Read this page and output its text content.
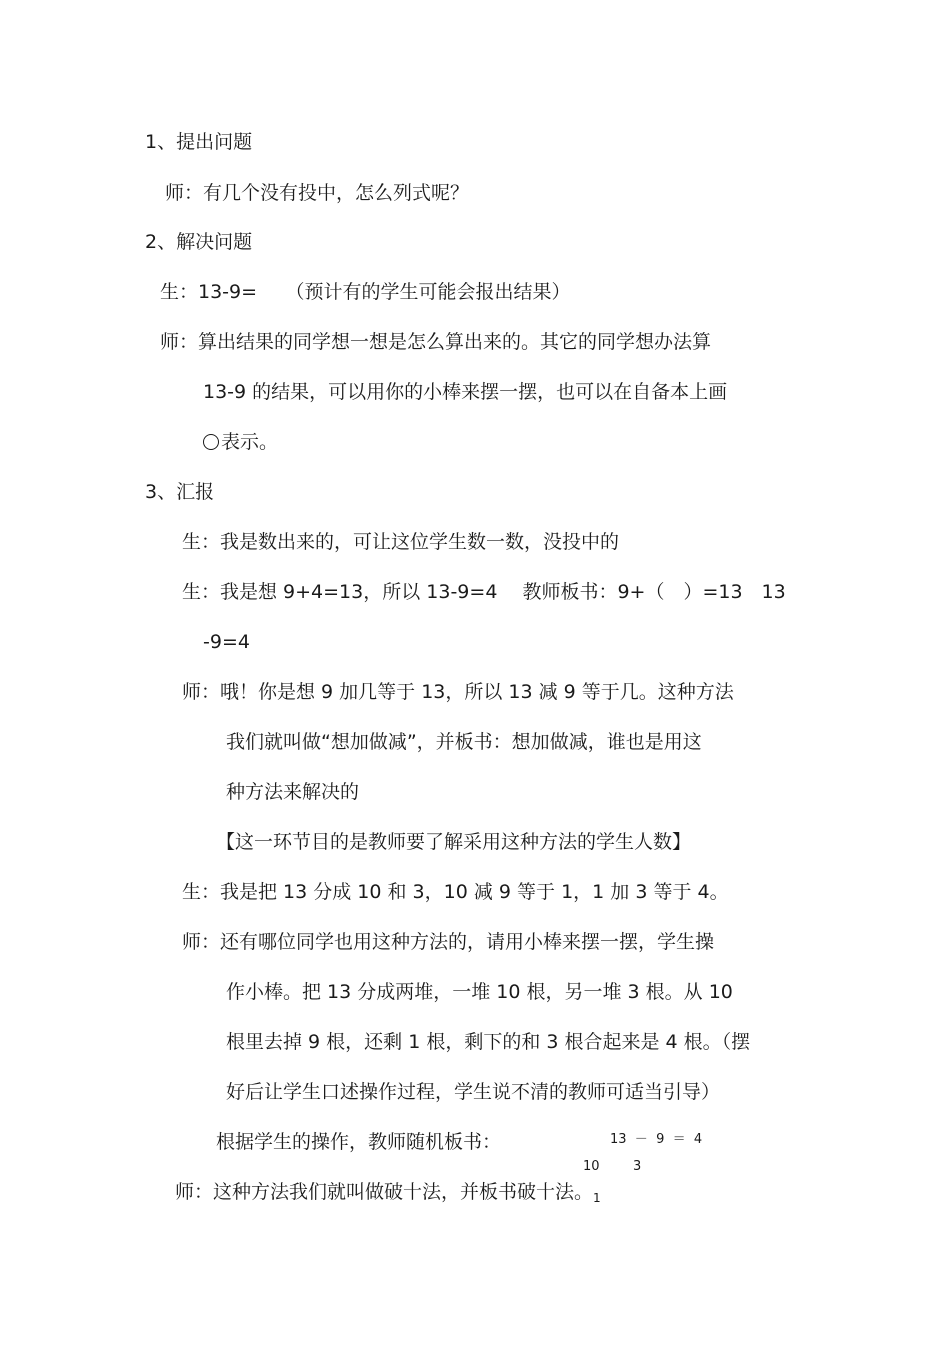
1、提出问题
师：有几个没有投中，怎么列式呢？
2、解决问题
生：13-9=　　（预计有的学生可能会报出结果）
师：算出结果的同学想一想是怎么算出来的。其它的同学想办法算
13-9 的结果，可以用你的小棒来摆一摆，也可以在自备本上画
表示。
3、汇报
生：我是数出来的，可让这位学生数一数，没投中的
生：我是想 9+4=13，所以 13-9=4　 教师板书：9+（　）=13　13
-9=4
师：哦！你是想 9 加几等于 13，所以 13 减 9 等于几。这种方法
我们就叫做“想加做减”，并板书：想加做减，谁也是用这
种方法来解决的
【这一环节目的是教师要了解采用这种方法的学生人数】
生：我是把 13 分成 10 和 3，10 减 9 等于 1，1 加 3 等于 4。
师：还有哪位同学也用这种方法的，请用小棒来摆一摆，学生操
作小棒。把 13 分成两堆，一堆 10 根，另一堆 3 根。从 10
根里去掉 9 根，还剩 1 根，剩下的和 3 根合起来是 4 根。（摆
好后让学生口述操作过程，学生说不清的教师可适当引导）
根据学生的操作，教师随机板书：	13  －  9  ＝  4
10	3
师：这种方法我们就叫做破十法，并板书破十法。$_1$
